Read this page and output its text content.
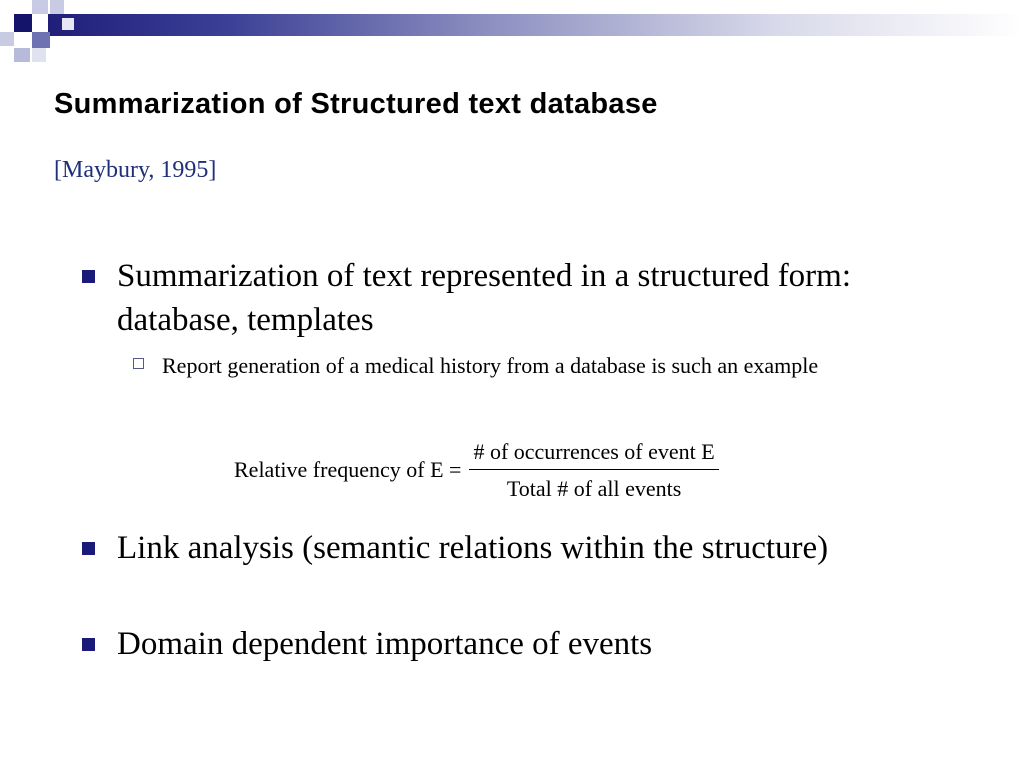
Summarization of Structured text database
[Maybury, 1995]
Summarization of text represented in a structured form: database, templates
Report generation of a medical history from a database is such an example
Relative frequency of $E = \frac{\text{\# of occurrences of event E}}{\text{Total \# of all events}}$
Link analysis (semantic relations within the structure)
Domain dependent importance of events
